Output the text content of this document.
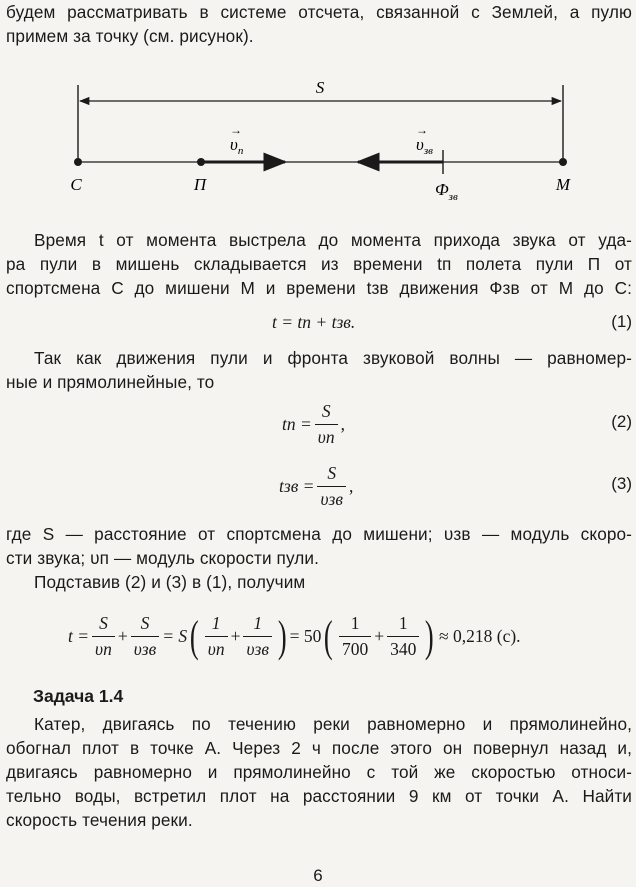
будем рассматривать в системе отсчета, связанной с Землей, а пулю

примем за точку (см. рисунок).

S
$\upsilon_п$
→
$\upsilon_{зв}$
→
C	П	M
$Ф_{зв}$

Время t от момента выстрела до момента прихода звука от уда-

ра пули в мишень складывается из времени tп полета пули П от

спортсмена C до мишени M и времени tзв движения Фзв от M до C:

t = tп + tзв.	(1)

Так как движения пули и фронта звуковой волны — равномер-

ные и прямолинейные, то

tп = $\frac{S}{\upsilon п}$ ,	(2)
tзв = $\frac{S}{\text{υзв}}$ ,	(3)

где S — расстояние от спортсмена до мишени; υзв — модуль скоро-

сти звука; υп — модуль скорости пули.

Подставив (2) и (3) в (1), получим

$t = \frac{S}{\upsilon п} + \frac{S}{\text{υзв}} = S$ ( $\frac{1}{\upsilon п} + \frac{1}{\text{υзв}}$ ) = 50 ( $\frac{1}{700} + \frac{1}{340}$ ) ≈ 0,218 (с).
Задача 1.4

Катер, двигаясь по течению реки равномерно и прямолинейно,

обогнал плот в точке A. Через 2 ч после этого он повернул назад и,

двигаясь равномерно и прямолинейно с той же скоростью относи-

тельно воды, встретил плот на расстоянии 9 км от точки A. Найти

скорость течения реки.

6
